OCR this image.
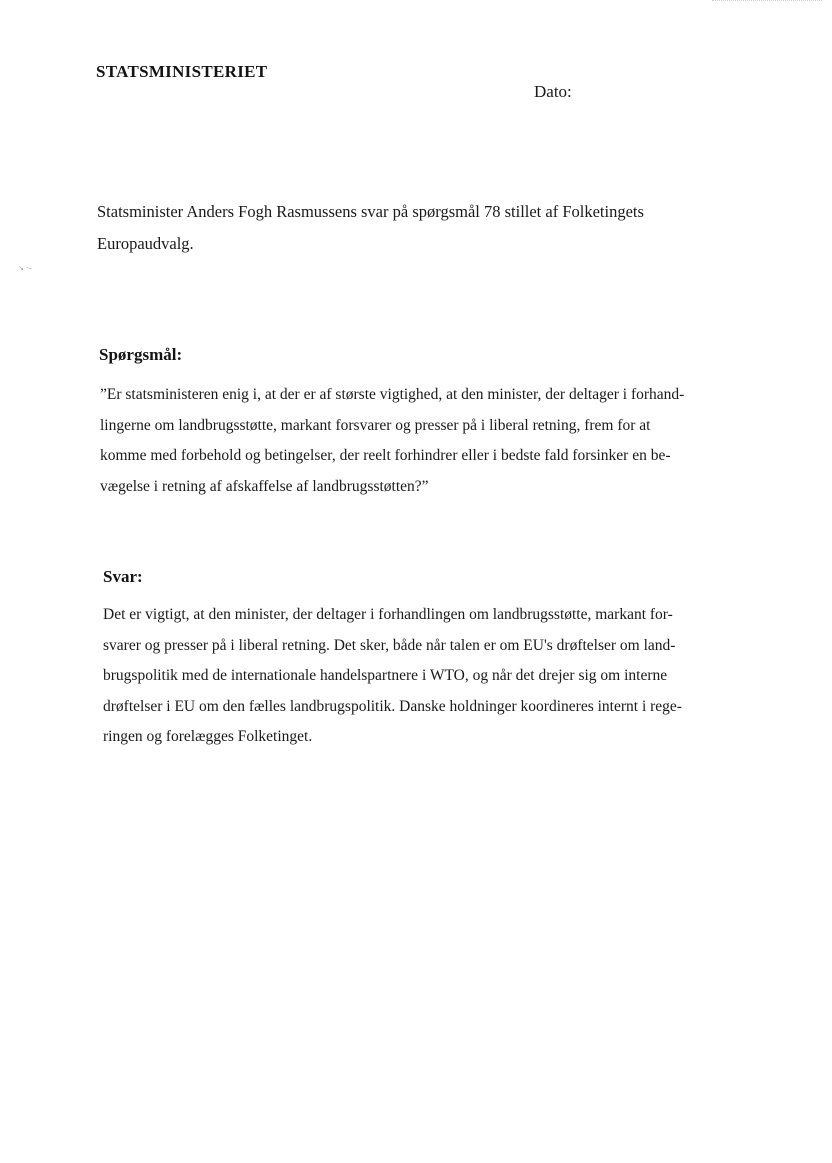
↘ ·–
STATSMINISTERIET
Dato:
Statsminister Anders Fogh Rasmussens svar på spørgsmål 78 stillet af Folketingets
Europaudvalg.
Spørgsmål:
”Er statsministeren enig i, at der er af største vigtighed, at den minister, der deltager i forhand-
lingerne om landbrugsstøtte, markant forsvarer og presser på i liberal retning, frem for at
komme med forbehold og betingelser, der reelt forhindrer eller i bedste fald forsinker en be-
vægelse i retning af afskaffelse af landbrugsstøtten?”
Svar:
Det er vigtigt, at den minister, der deltager i forhandlingen om landbrugsstøtte, markant for-
svarer og presser på i liberal retning. Det sker, både når talen er om EU's drøftelser om land-
brugspolitik med de internationale handelspartnere i WTO, og når det drejer sig om interne
drøftelser i EU om den fælles landbrugspolitik. Danske holdninger koordineres internt i rege-
ringen og forelægges Folketinget.
